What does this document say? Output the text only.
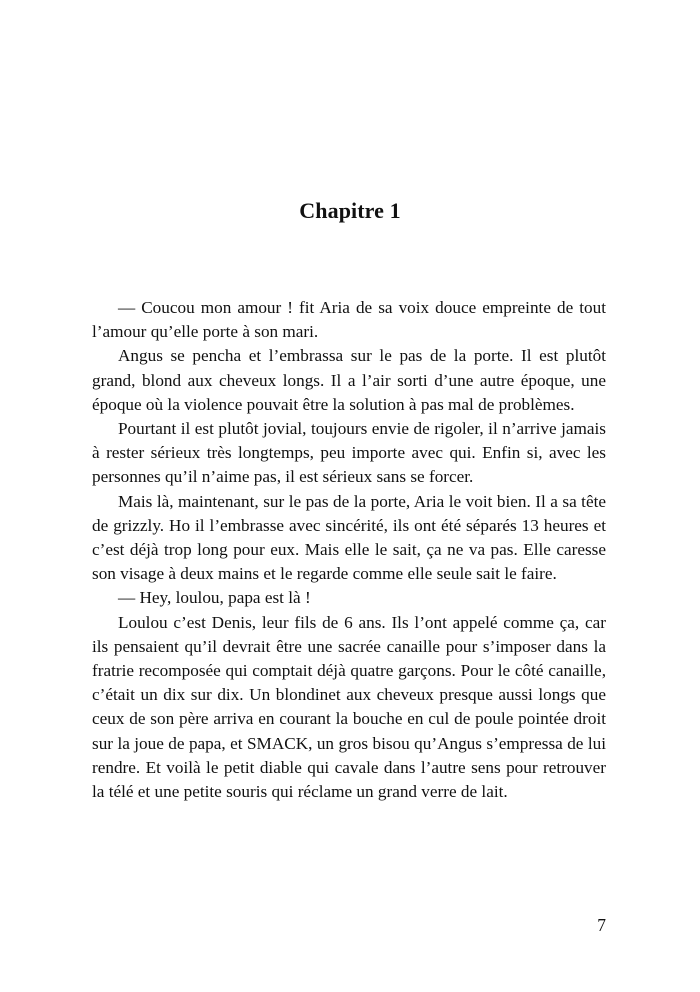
Chapitre 1

— Coucou mon amour ! fit Aria de sa voix douce empreinte de tout l’amour qu’elle porte à son mari.

Angus se pencha et l’embrassa sur le pas de la porte. Il est plutôt grand, blond aux cheveux longs. Il a l’air sorti d’une autre époque, une époque où la violence pouvait être la solution à pas mal de problèmes.

Pourtant il est plutôt jovial, toujours envie de rigoler, il n’arrive jamais à rester sérieux très longtemps, peu importe avec qui. Enfin si, avec les personnes qu’il n’aime pas, il est sérieux sans se forcer.

Mais là, maintenant, sur le pas de la porte, Aria le voit bien. Il a sa tête de grizzly. Ho il l’embrasse avec sincérité, ils ont été séparés 13 heures et c’est déjà trop long pour eux. Mais elle le sait, ça ne va pas. Elle caresse son visage à deux mains et le regarde comme elle seule sait le faire.

— Hey, loulou, papa est là !

Loulou c’est Denis, leur fils de 6 ans. Ils l’ont appelé comme ça, car ils pensaient qu’il devrait être une sacrée canaille pour s’imposer dans la fratrie recomposée qui comptait déjà quatre garçons. Pour le côté canaille, c’était un dix sur dix. Un blondinet aux cheveux presque aussi longs que ceux de son père arriva en courant la bouche en cul de poule pointée droit sur la joue de papa, et SMACK, un gros bisou qu’Angus s’empressa de lui rendre. Et voilà le petit diable qui cavale dans l’autre sens pour retrouver la télé et une petite souris qui réclame un grand verre de lait.

7
